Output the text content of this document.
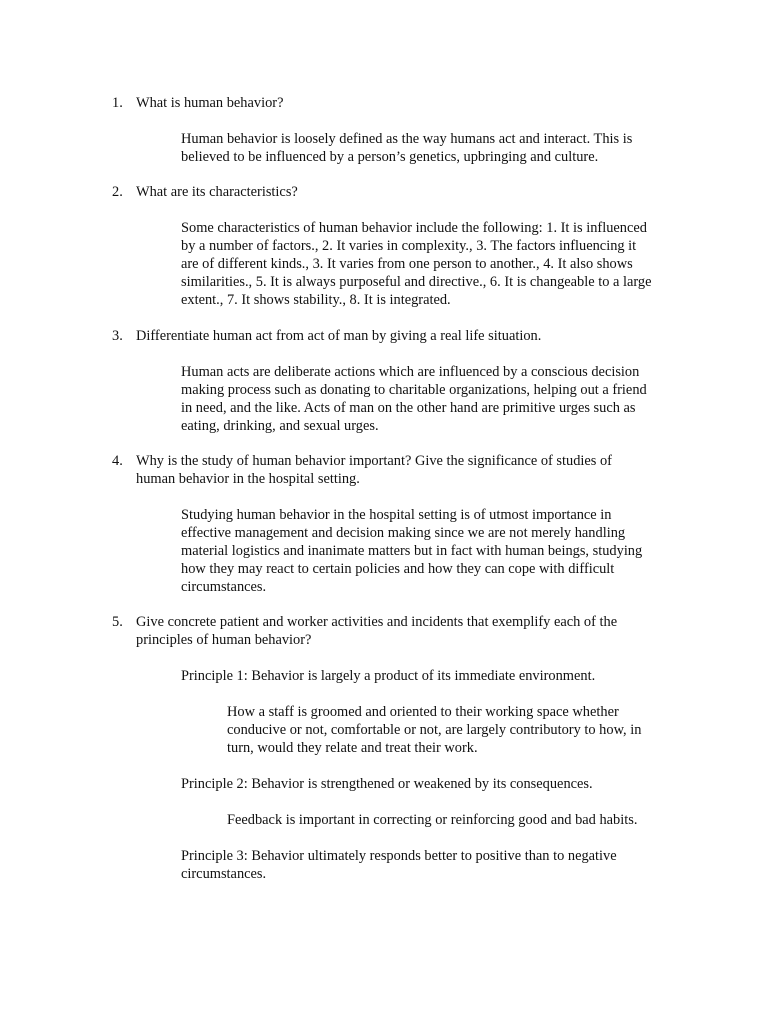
1. What is human behavior?
Human behavior is loosely defined as the way humans act and interact. This is
believed to be influenced by a person’s genetics, upbringing and culture.
2. What are its characteristics?
Some characteristics of human behavior include the following: 1. It is influenced
by a number of factors., 2. It varies in complexity., 3. The factors influencing it
are of different kinds., 3. It varies from one person to another., 4. It also shows
similarities., 5. It is always purposeful and directive., 6. It is changeable to a large
extent., 7. It shows stability., 8. It is integrated.
3. Differentiate human act from act of man by giving a real life situation.
Human acts are deliberate actions which are influenced by a conscious decision
making process such as donating to charitable organizations, helping out a friend
in need, and the like. Acts of man on the other hand are primitive urges such as
eating, drinking, and sexual urges.
4. Why is the study of human behavior important? Give the significance of studies of
human behavior in the hospital setting.
Studying human behavior in the hospital setting is of utmost importance in
effective management and decision making since we are not merely handling
material logistics and inanimate matters but in fact with human beings, studying
how they may react to certain policies and how they can cope with difficult
circumstances.
5. Give concrete patient and worker activities and incidents that exemplify each of the
principles of human behavior?
Principle 1: Behavior is largely a product of its immediate environment.
How a staff is groomed and oriented to their working space whether
conducive or not, comfortable or not, are largely contributory to how, in
turn, would they relate and treat their work.
Principle 2: Behavior is strengthened or weakened by its consequences.
Feedback is important in correcting or reinforcing good and bad habits.
Principle 3: Behavior ultimately responds better to positive than to negative
circumstances.
